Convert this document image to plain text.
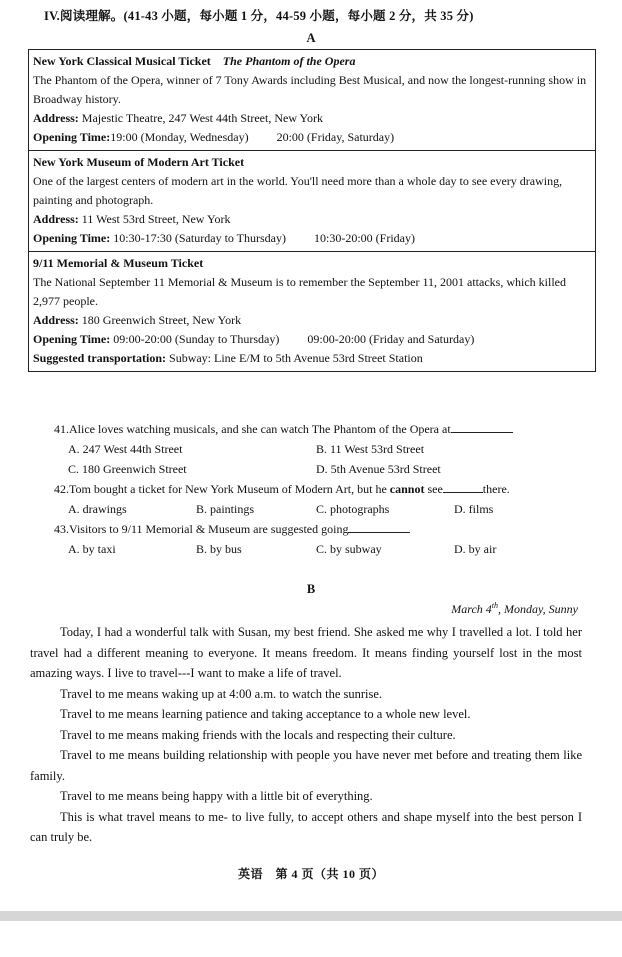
IV.阅读理解。(41-43 小题，每小题 1 分，44-59 小题，每小题 2 分，共 35 分)
A

New York Classical Musical Ticket The Phantom of the Opera

The Phantom of the Opera, winner of 7 Tony Awards including Best Musical, and now the longest-running show in Broadway history.

Address: Majestic Theatre, 247 West 44th Street, New York

Opening Time:19:00 (Monday, Wednesday) 20:00 (Friday, Saturday)

New York Museum of Modern Art Ticket

One of the largest centers of modern art in the world. You'll need more than a whole day to see every drawing, painting and photograph.

Address: 11 West 53rd Street, New York

Opening Time: 10:30-17:30 (Saturday to Thursday) 10:30-20:00 (Friday)

9/11 Memorial & Museum Ticket

The National September 11 Memorial & Museum is to remember the September 11, 2001 attacks, which killed 2,977 people.

Address: 180 Greenwich Street, New York

Opening Time: 09:00-20:00 (Sunday to Thursday) 09:00-20:00 (Friday and Saturday)

Suggested transportation: Subway: Line E/M to 5th Avenue 53rd Street Station

41.Alice loves watching musicals, and she can watch The Phantom of the Opera at
A. 247 West 44th Street	B. 11 West 53rd Street
C. 180 Greenwich Street	D. 5th Avenue 53rd Street
42.Tom bought a ticket for New York Museum of Modern Art, but he cannot see	there.
A. drawings	B. paintings	C. photographs	D. films
43.Visitors to 9/11 Memorial & Museum are suggested going
A. by taxi	B. by bus	C. by subway	D. by air
B
March 4th, Monday, Sunny

Today, I had a wonderful talk with Susan, my best friend. She asked me why I travelled a lot. I told her travel had a different meaning to everyone. It means freedom. It means finding yourself lost in the most amazing ways. I live to travel---I want to make a life of travel.

Travel to me means waking up at 4:00 a.m. to watch the sunrise.

Travel to me means learning patience and taking acceptance to a whole new level.

Travel to me means making friends with the locals and respecting their culture.

Travel to me means building relationship with people you have never met before and treating them like family.

Travel to me means being happy with a little bit of everything.

This is what travel means to me- to live fully, to accept others and shape myself into the best person I can truly be.

英语　第 4 页（共 10 页）
